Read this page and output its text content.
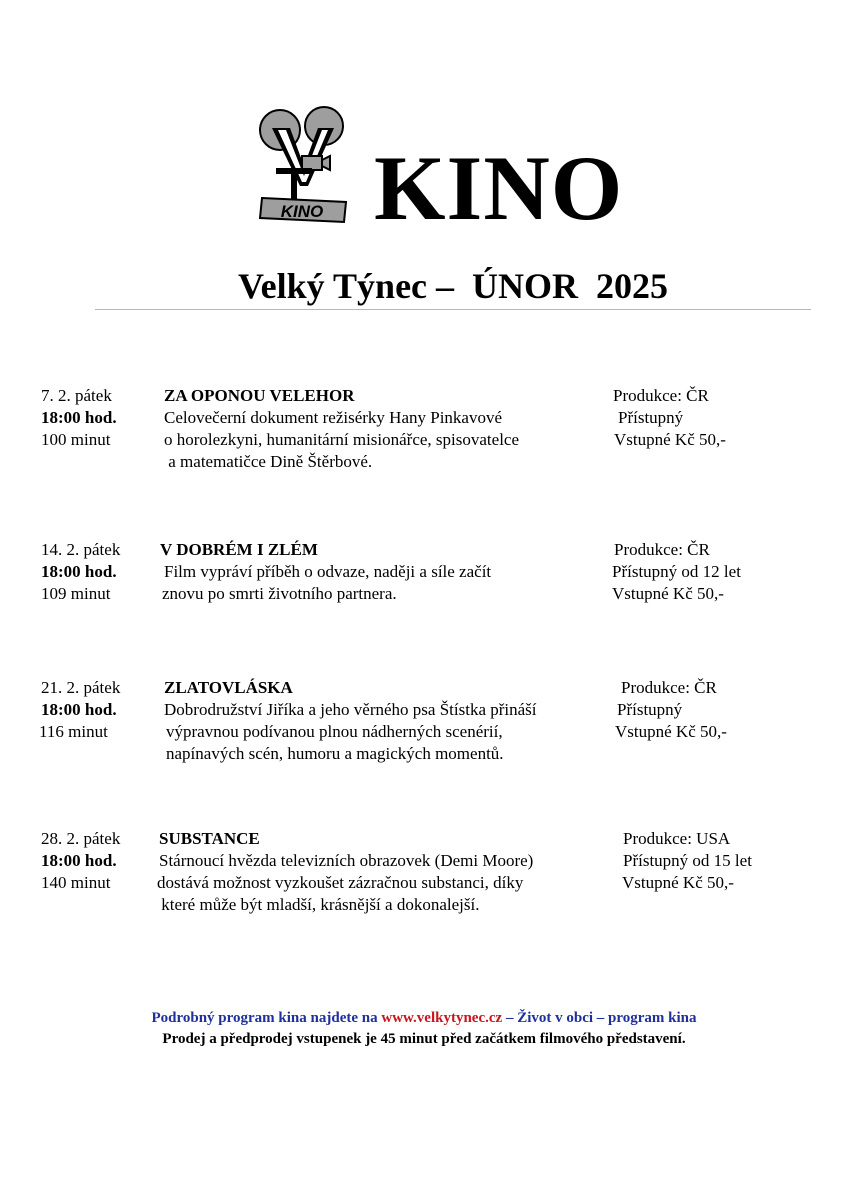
KINO KINO
Velký Týnec –  ÚNOR  2025
7. 2. pátek
18:00 hod.
100 minut
ZA OPONOU VELEHOR
Celovečerní dokument režisérky Hany Pinkavové
o horolezkyni, humanitární misionářce, spisovatelce
a matematičce Dině Štěrbové.
Produkce: ČR
Přístupný
Vstupné Kč 50,-
14. 2. pátek
18:00 hod.
109 minut
V DOBRÉM I ZLÉM
Film vypráví příběh o odvaze, naději a síle začít
znovu po smrti životního partnera.
Produkce: ČR
Přístupný od 12 let
Vstupné Kč 50,-
21. 2. pátek
18:00 hod.
116 minut
ZLATOVLÁSKA
Dobrodružství Jiříka a jeho věrného psa Štístka přináší
výpravnou podívanou plnou nádherných scenérií,
napínavých scén, humoru a magických momentů.
Produkce: ČR
Přístupný
Vstupné Kč 50,-
28. 2. pátek
18:00 hod.
140 minut
SUBSTANCE
Stárnoucí hvězda televizních obrazovek (Demi Moore)
dostává možnost vyzkoušet zázračnou substanci, díky
které může být mladší, krásnější a dokonalejší.
Produkce: USA
Přístupný od 15 let
Vstupné Kč 50,-
Podrobný program kina najdete na www.velkytynec.cz – Život v obci – program kina
Prodej a předprodej vstupenek je 45 minut před začátkem filmového představení.
